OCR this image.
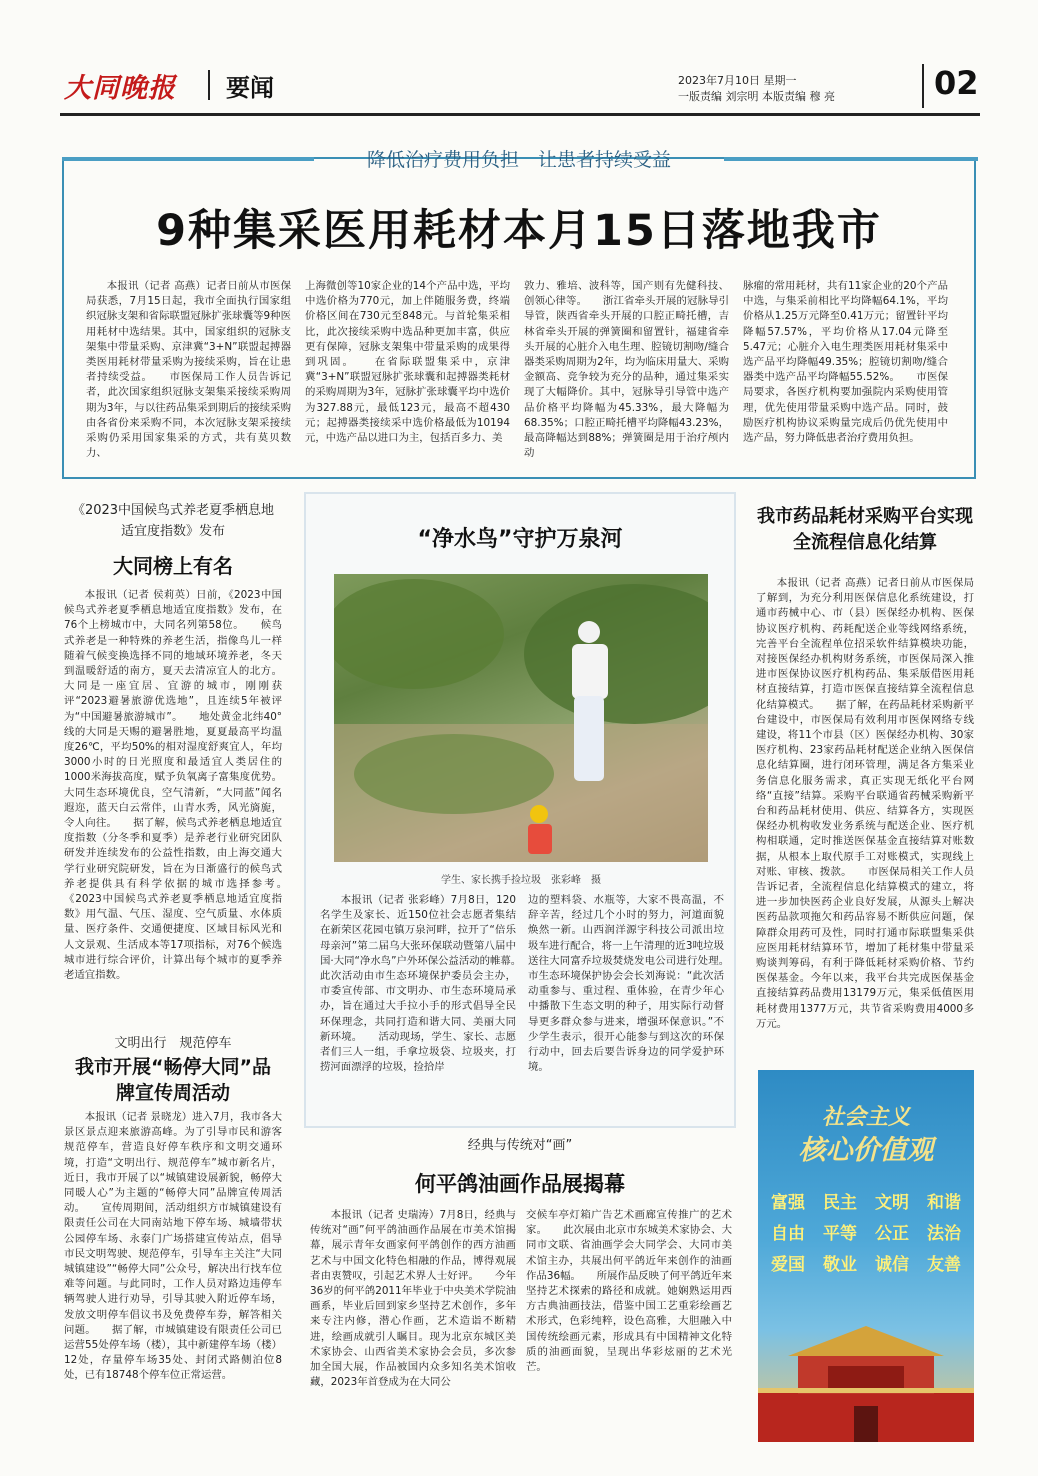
大同晚报 要闻	2023年7月10日 星期一
一版责编 刘宗明 本版责编 穆 亮	02
降低治疗费用负担　让患者持续受益
9种集采医用耗材本月15日落地我市
本报讯（记者 高燕）记者日前从市医保局获悉，7月15日起，我市全面执行国家组织冠脉支架和省际联盟冠脉扩张球囊等9种医用耗材中选结果。其中，国家组织的冠脉支架集中带量采购、京津冀“3+N”联盟起搏器类医用耗材带量采购为接续采购，旨在让患者持续受益。　　市医保局工作人员告诉记者，此次国家组织冠脉支架集采接续采购周期为3年，与以往药品集采到期后的接续采购由各省份来采购不同，本次冠脉支架采接续采购仍采用国家集采的方式，共有莫贝数力、
上海微创等10家企业的14个产品中选，平均中选价格为770元，加上伴随服务费，终端价格区间在730元至848元。与首轮集采相比，此次接续采购中选品种更加丰富，供应更有保障，冠脉支架集中带量采购的成果得到巩固。　　在省际联盟集采中，京津冀“3+N”联盟冠脉扩张球囊和起搏器类耗材的采购周期为3年，冠脉扩张球囊平均中选价为327.88元，最低123元，最高不超430元；起搏器类接续采中选价格最低为10194元，中选产品以进口为主，包括百多力、美
敦力、雅培、波科等，国产则有先健科技、创领心律等。　　浙江省牵头开展的冠脉导引导管，陕西省牵头开展的口腔正畸托槽，吉林省牵头开展的弹簧圈和留置针，福建省牵头开展的心脏介入电生理、腔镜切割吻/缝合器类采购周期为2年，均为临床用量大、采购金额高、竞争较为充分的品种，通过集采实现了大幅降价。其中，冠脉导引导管中选产品价格平均降幅为45.33%，最大降幅为68.35%；口腔正畸托槽平均降幅43.23%，最高降幅达到88%；弹簧圈是用于治疗颅内动
脉瘤的常用耗材，共有11家企业的20个产品中选，与集采前相比平均降幅64.1%，平均价格从1.25万元降至0.41万元；留置针平均降幅57.57%，平均价格从17.04元降至5.47元；心脏介入电生理类医用耗材集采中选产品平均降幅49.35%；腔镜切割吻/缝合器类中选产品平均降幅55.52%。　　市医保局要求，各医疗机构要加强院内采购使用管理，优先使用带量采购中选产品。同时，鼓励医疗机构协议采购量完成后仍优先使用中选产品，努力降低患者治疗费用负担。
《2023中国候鸟式养老夏季栖息地适宜度指数》发布
大同榜上有名
本报讯（记者 侯莉英）日前，《2023中国候鸟式养老夏季栖息地适宜度指数》发布，在76个上榜城市中，大同名列第58位。　　候鸟式养老是一种特殊的养老生活，指像鸟儿一样随着气候变换选择不同的地域环境养老，冬天到温暖舒适的南方，夏天去清凉宜人的北方。大同是一座宜居、宜游的城市，刚刚获评“2023避暑旅游优选地”，且连续5年被评为“中国避暑旅游城市”。　　地处黄金北纬40°线的大同是天赐的避暑胜地，夏夏最高平均温度26℃，平均50%的相对湿度舒爽宜人，年均3000小时的日光照度和最适宜人类居住的1000米海拔高度，赋予负氧离子富集度优势。大同生态环境优良，空气清新，“大同蓝”闻名遐迩，蓝天白云常伴，山青水秀，风光旖旎，令人向往。　　据了解，候鸟式养老栖息地适宜度指数（分冬季和夏季）是养老行业研究团队研发并连续发布的公益性指数，由上海交通大学行业研究院研发，旨在为日渐盛行的候鸟式养老提供具有科学依据的城市选择参考。　　《2023中国候鸟式养老夏季栖息地适宜度指数》用气温、气压、湿度、空气质量、水体质量、医疗条件、交通便捷度、区域目标风光和人文景观、生活成本等17项指标，对76个候选城市进行综合评价，计算出每个城市的夏季养老适宜指数。
文明出行　规范停车
我市开展“畅停大同”品牌宣传周活动
本报讯（记者 景晓龙）进入7月，我市各大景区景点迎来旅游高峰。为了引导市民和游客规范停车，营造良好停车秩序和文明交通环境，打造“文明出行、规范停车”城市新名片，近日，我市开展了以“城镇建设展新貌，畅停大同暖人心”为主题的“畅停大同”品牌宣传周活动。　　宣传周期间，活动组织方市城镇建设有限责任公司在大同南站地下停车场、城墙带状公园停车场、永泰门广场搭建宣传站点，倡导市民文明驾驶、规范停车，引导车主关注“大同城镇建设”“畅停大同”公众号，解决出行找车位难等问题。与此同时，工作人员对路边违停车辆驾驶人进行劝导，引导其驶入附近停车场，发放文明停车倡议书及免费停车券，解答相关问题。　　据了解，市城镇建设有限责任公司已运营55处停车场（楼），其中新建停车场（楼）12处，存量停车场35处、封闭式路侧泊位8处，已有18748个停车位正常运营。
“净水鸟”守护万泉河
学生、家长携手捡垃圾　张彩峰　摄
本报讯（记者 张彩峰）7月8日，120名学生及家长、近150位社会志愿者集结在新荣区花园屯镇万泉河畔，拉开了“倍乐母亲河”第二届乌大张环保联动暨第八届中国·大同“净水鸟”户外环保公益活动的帷幕。　　此次活动由市生态环境保护委员会主办，市委宣传部、市文明办、市生态环境局承办，旨在通过大手拉小手的形式倡导全民环保理念，共同打造和谐大同、美丽大同新环境。　　活动现场，学生、家长、志愿者们三人一组，手拿垃圾袋、垃圾夹，打捞河面漂浮的垃圾，捡拾岸
边的塑料袋、水瓶等，大家不畏高温，不辞辛苦，经过几个小时的努力，河道面貌焕然一新。山西润洋源宇科技公司派出垃圾车进行配合，将一上午清理的近3吨垃圾送往大同富乔垃圾焚烧发电公司进行处理。　　市生态环境保护协会会长刘海说：“此次活动重参与、重过程、重体验，在青少年心中播散下生态文明的种子，用实际行动督导更多群众参与进来，增强环保意识。”不少学生表示，很开心能参与到这次的环保行动中，回去后要告诉身边的同学爱护环境。
经典与传统对“画”
何平鸽油画作品展揭幕
本报讯（记者 史瑞涛）7月8日，经典与传统对“画”何平鸽油画作品展在市美术馆揭幕，展示青年女画家何平鸽创作的西方油画艺术与中国文化特色相融的作品，博得观展者由衷赞叹，引起艺术界人士好评。　　今年36岁的何平鸽2011年毕业于中央美术学院油画系，毕业后回到家乡坚持艺术创作，多年来专注内修，潜心作画，艺术造诣不断精进，绘画成就引人瞩目。现为北京东城区美术家协会、山西省美术家协会会员，多次参加全国大展，作品被国内众多知名美术馆收藏，2023年首登成为在大同公
交候车亭灯箱广告艺术画廊宣传推广的艺术家。　　此次展由北京市东城美术家协会、大同市文联、省油画学会大同学会、大同市美术馆主办，共展出何平鸽近年来创作的油画作品36幅。　　所展作品反映了何平鸽近年来坚持艺术探索的路径和成就。她娴熟运用西方古典油画技法，借鉴中国工艺重彩绘画艺术形式，色彩纯粹，设色高雅，大胆融入中国传统绘画元素，形成具有中国精神文化特质的油画面貌，呈现出华彩炫丽的艺术光芒。
我市药品耗材采购平台实现全流程信息化结算
本报讯（记者 高燕）记者日前从市医保局了解到，为充分利用医保信息化系统建设，打通市药械中心、市（县）医保经办机构、医保协议医疗机构、药耗配送企业等线网络系统，完善平台全流程单位招采软件结算模块功能，对接医保经办机构财务系统，市医保局深入推进市医保协议医疗机构药品、集采版借医用耗材直接结算，打造市医保直接结算全流程信息化结算模式。　　据了解，在药品耗材采购新平台建设中，市医保局有效利用市医保网络专线建设，将11个市县（区）医保经办机构、30家医疗机构、23家药品耗材配送企业纳入医保信息化结算圈，进行闭环管理，满足各方集采业务信息化服务需求，真正实现无纸化平台网络“直接”结算。采购平台联通省药械采购新平台和药品耗材使用、供应、结算各方，实现医保经办机构收发业务系统与配送企业、医疗机构相联通，定时推送医保基金直接结算对账数据，从根本上取代原手工对账模式，实现线上对账、审核、拨款。　　市医保局相关工作人员告诉记者，全流程信息化结算模式的建立，将进一步加快医药企业良好发展，从源头上解决医药品款项拖欠和药品容易不断供应问题，保障群众用药可及性，同时打通市际联盟集采供应医用耗材结算环节，增加了耗材集中带量采购谈判筹码，有利于降低耗材采购价格、节约医保基金。今年以来，我平台共完成医保基金直接结算药品费用13179万元，集采低值医用耗材费用1377万元，共节省采购费用4000多万元。
社会主义
核心价值观
富强 民主 文明 和谐
自由 平等 公正 法治
爱国 敬业 诚信 友善
